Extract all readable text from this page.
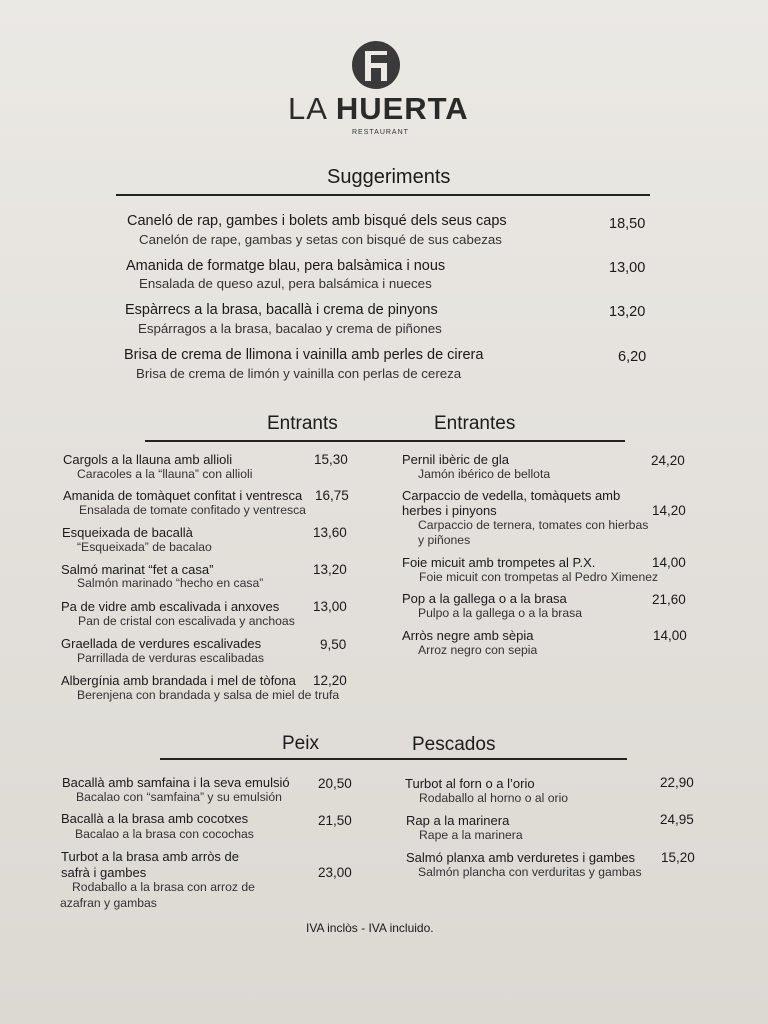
LA HUERTA
RESTAURANT
Suggeriments
Caneló de rap, gambes i bolets amb bisqué dels seus caps
Canelón de rape, gambas y setas con bisqué de sus cabezas
18,50
Amanida de formatge blau, pera balsàmica i nous
Ensalada de queso azul, pera balsámica i nueces
13,00
Espàrrecs a la brasa, bacallà i crema de pinyons
Espárragos a la brasa, bacalao y crema de piñones
13,20
Brisa de crema de llimona i vainilla amb perles de cirera
Brisa de crema de limón y vainilla con perlas de cereza
6,20
Entrants	Entrantes
Cargols a la llauna amb allioli
Caracoles a la “llauna” con allioli
15,30
Amanida de tomàquet confitat i ventresca
Ensalada de tomate confitado y ventresca
16,75
Esqueixada de bacallà
“Esqueixada” de bacalao
13,60
Salmó marinat “fet a casa”
Salmón marinado “hecho en casa”
13,20
Pa de vidre amb escalivada i anxoves
Pan de cristal con escalivada y anchoas
13,00
Graellada de verdures escalivades
Parrillada de verduras escalibadas
9,50
Albergínia amb brandada i mel de tòfona
Berenjena con brandada y salsa de miel de trufa
12,20
Pernil ibèric de gla
Jamón ibérico de bellota
24,20
Carpaccio de vedella, tomàquets amb
herbes i pinyons
Carpaccio de ternera, tomates con hierbas
y piñones
14,20
Foie micuit amb trompetes al P.X.
Foie micuit con trompetas al Pedro Ximenez
14,00
Pop a la gallega o a la brasa
Pulpo a la gallega o a la brasa
21,60
Arròs negre amb sèpia
Arroz negro con sepia
14,00
Peix	Pescados
Bacallà amb samfaina i la seva emulsió
Bacalao con “samfaina” y su emulsión
20,50
Bacallà a la brasa amb cocotxes
Bacalao a la brasa con cocochas
21,50
Turbot a la brasa amb arròs de
safrà i gambes
Rodaballo a la brasa con arroz de
azafran y gambas
23,00
Turbot al forn o a l’orio
Rodaballo al horno o al orio
22,90
Rap a la marinera
Rape a la marinera
24,95
Salmó planxa amb verduretes i gambes
Salmón plancha con verduritas y gambas
15,20
IVA inclòs - IVA incluido.
